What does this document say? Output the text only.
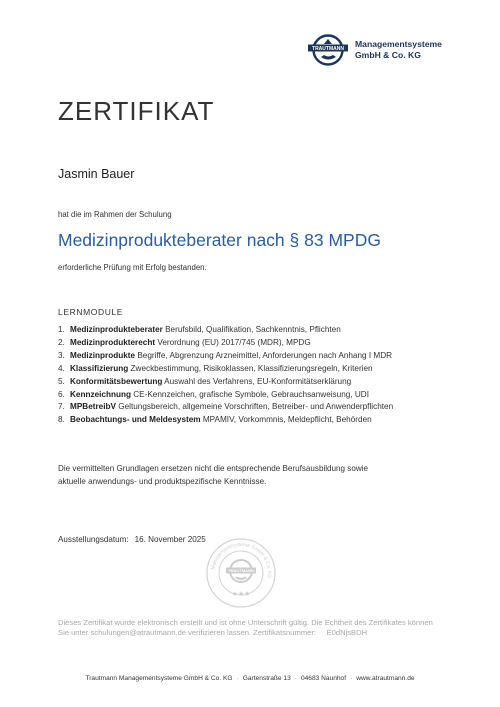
TRAUTMANN Managementsysteme
GmbH & Co. KG
ZERTIFIKAT
Jasmin Bauer
hat die im Rahmen der Schulung
Medizinprodukteberater nach § 83 MPDG
erforderliche Prüfung mit Erfolg bestanden.
LERNMODULE
1. Medizinprodukteberater Berufsbild, Qualifikation, Sachkenntnis, Pflichten
2. Medizinprodukterecht Verordnung (EU) 2017/745 (MDR), MPDG
3. Medizinprodukte Begriffe, Abgrenzung Arzneimittel, Anforderungen nach Anhang I MDR
4. Klassifizierung Zweckbestimmung, Risikoklassen, Klassifizierungsregeln, Kriterien
5. Konformitätsbewertung Auswahl des Verfahrens, EU-Konformitätserklärung
6. Kennzeichnung CE-Kennzeichen, grafische Symbole, Gebrauchsanweisung, UDI
7. MPBetreibV Geltungsbereich, allgemeine Vorschriften, Betreiber- und Anwenderpflichten
8. Beobachtungs- und Meldesystem MPAMIV, Vorkommnis, Meldepflicht, Behörden
Die vermittelten Grundlagen ersetzen nicht die entsprechende Berufsausbildung sowie
aktuelle anwendungs- und produktspezifische Kenntnisse.
Ausstellungsdatum: 16. November 2025
Managementsysteme GmbH & Co. KG
TRAUTMANN
★★★
Dieses Zertifikat wurde elektronisch erstellt und ist ohne Unterschrift gültig. Die Echtheit des Zertifikates können
Sie unter schulungen@atrautmann.de verifizieren lassen. Zertifikatsnummer: E0dNjsBDH
Trautmann Managementsysteme GmbH & Co. KG · Gartenstraße 13 · 04683 Naunhof · www.atrautmann.de
